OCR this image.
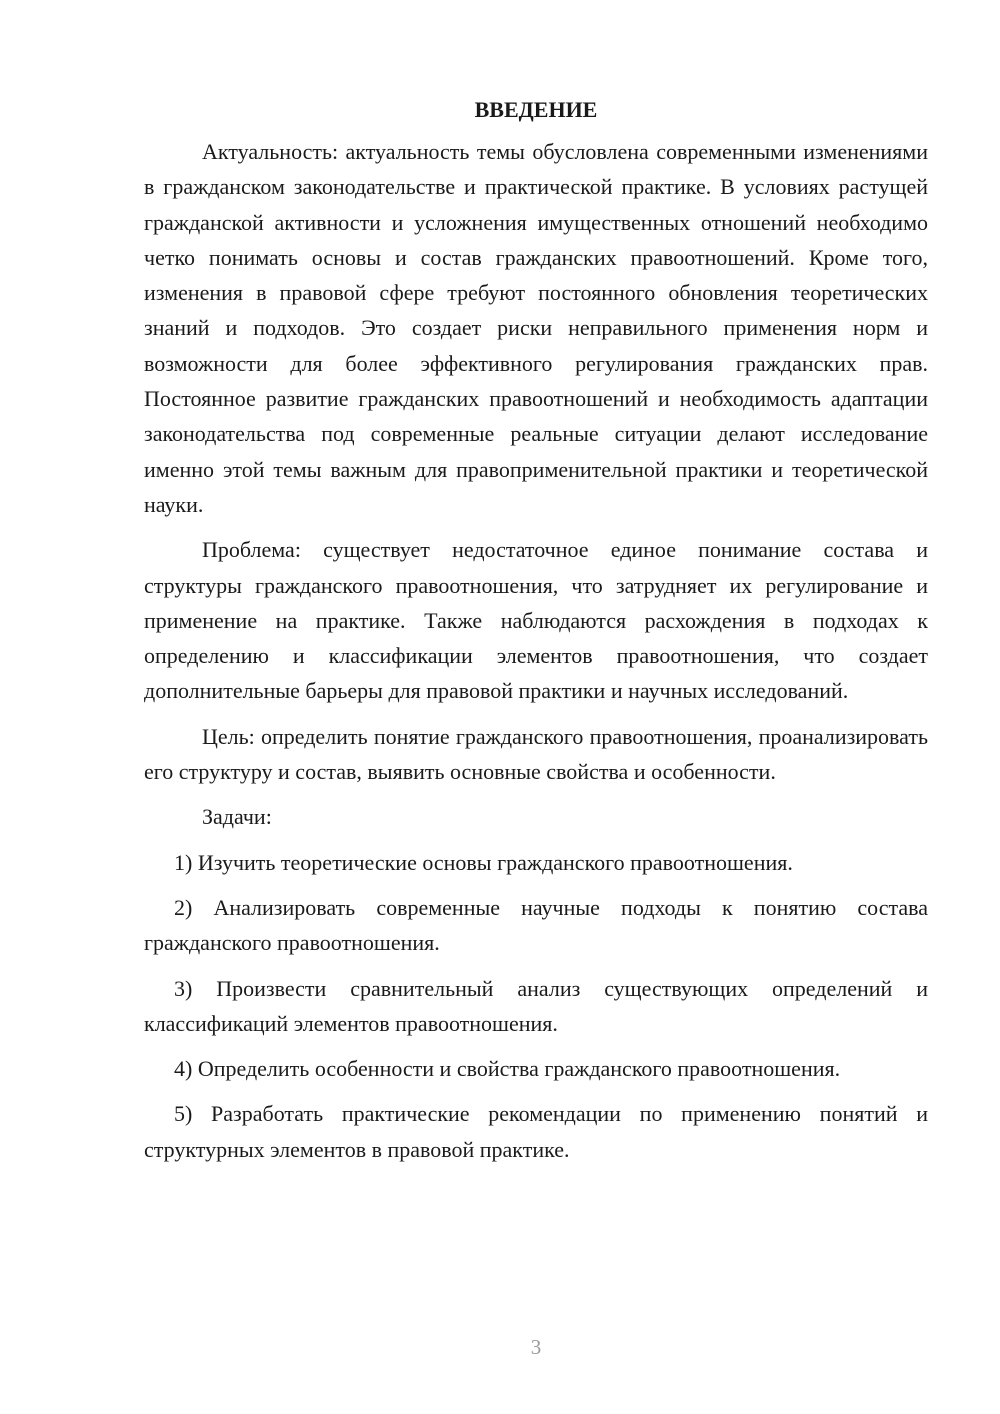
ВВЕДЕНИЕ

Актуальность: актуальность темы обусловлена современными изменениями в гражданском законодательстве и практической практике. В условиях растущей гражданской активности и усложнения имущественных отношений необходимо четко понимать основы и состав гражданских правоотношений. Кроме того, изменения в правовой сфере требуют постоянного обновления теоретических знаний и подходов. Это создает риски неправильного применения норм и возможности для более эффективного регулирования гражданских прав. Постоянное развитие гражданских правоотношений и необходимость адаптации законодательства под современные реальные ситуации делают исследование именно этой темы важным для правоприменительной практики и теоретической науки.

Проблема: существует недостаточное единое понимание состава и структуры гражданского правоотношения, что затрудняет их регулирование и применение на практике. Также наблюдаются расхождения в подходах к определению и классификации элементов правоотношения, что создает дополнительные барьеры для правовой практики и научных исследований.

Цель: определить понятие гражданского правоотношения, проанализировать его структуру и состав, выявить основные свойства и особенности.

Задачи:

1) Изучить теоретические основы гражданского правоотношения.

2) Анализировать современные научные подходы к понятию состава гражданского правоотношения.

3) Произвести сравнительный анализ существующих определений и классификаций элементов правоотношения.

4) Определить особенности и свойства гражданского правоотношения.

5) Разработать практические рекомендации по применению понятий и структурных элементов в правовой практике.

3
